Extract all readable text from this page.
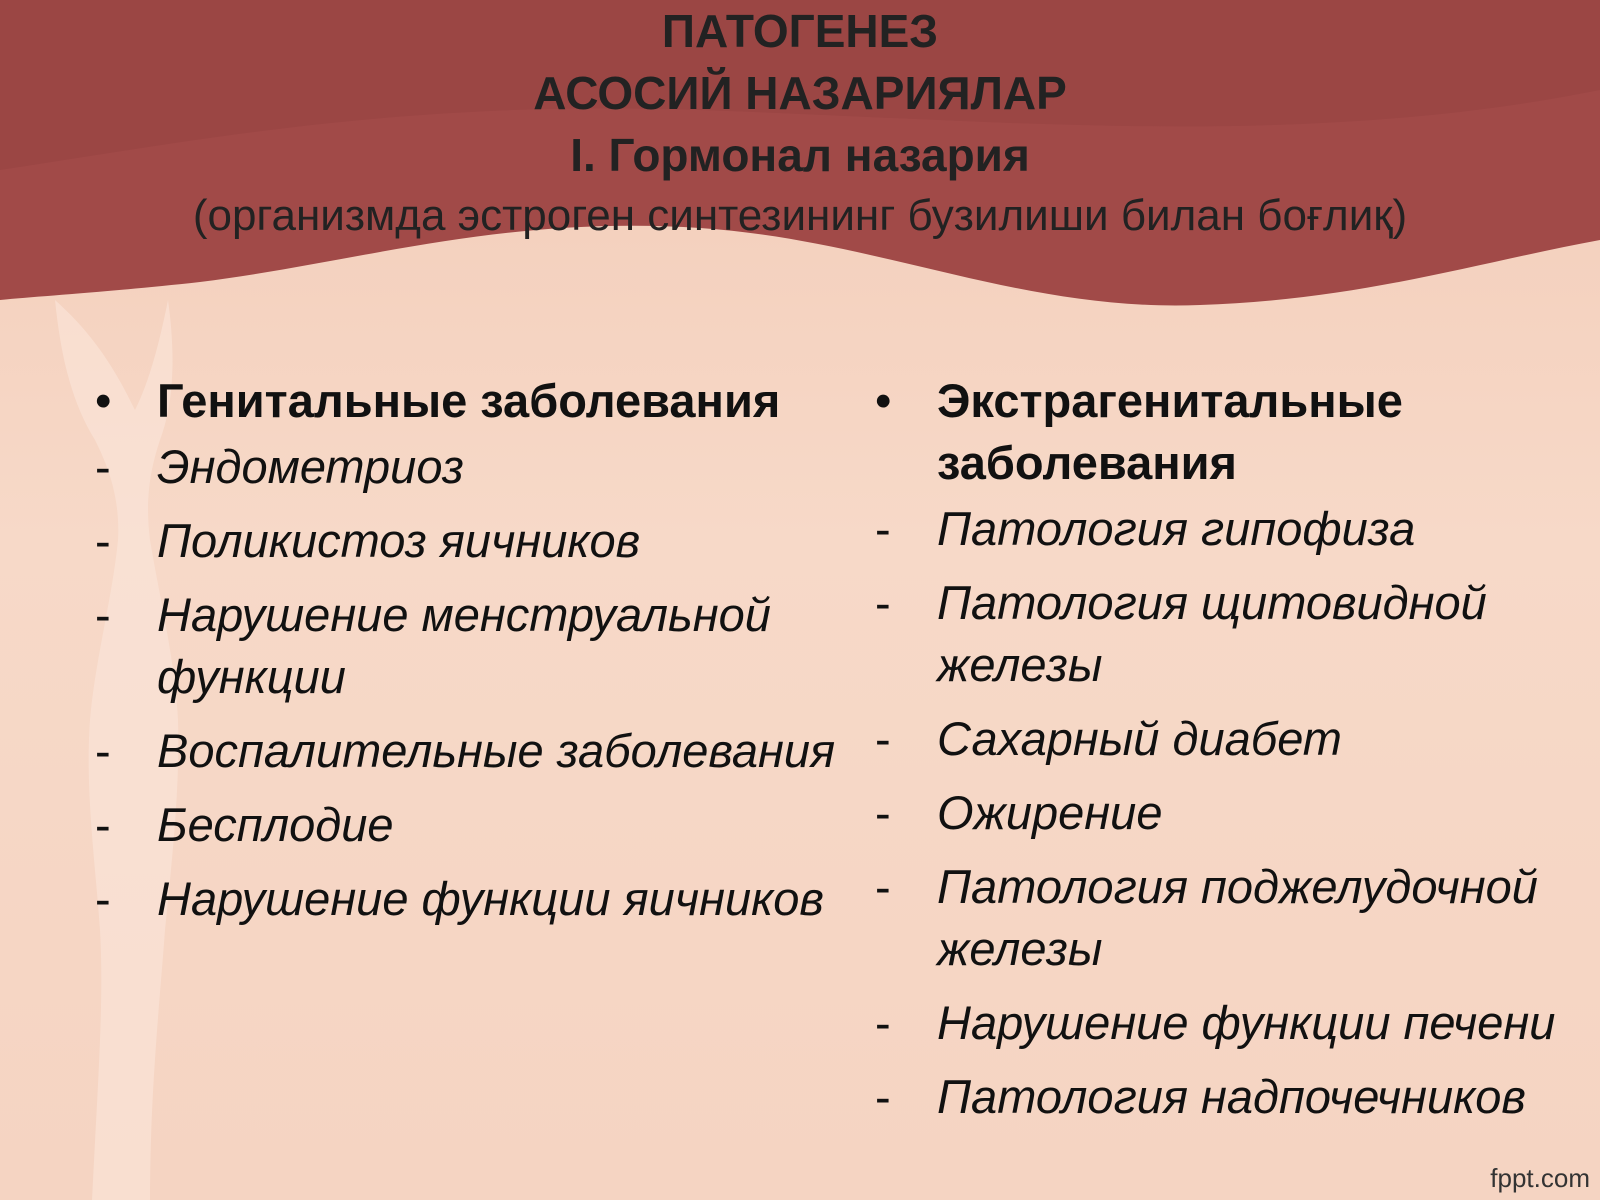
ПАТОГЕНЕЗ
АСОСИЙ НАЗАРИЯЛАР
I. Гормонал назария
(организмда эстроген синтезининг бузилиши билан боғлиқ)
• Генитальные заболевания
- Эндометриоз
- Поликистоз яичников
- Нарушение менструальной функции
- Воспалительные заболевания
- Бесплодие
- Нарушение функции яичников
• Экстрагенитальные заболевания
- Патология гипофиза
- Патология щитовидной железы
- Сахарный диабет
- Ожирение
- Патология поджелудочной железы
- Нарушение функции печени
- Патология надпочечников
fppt.com
